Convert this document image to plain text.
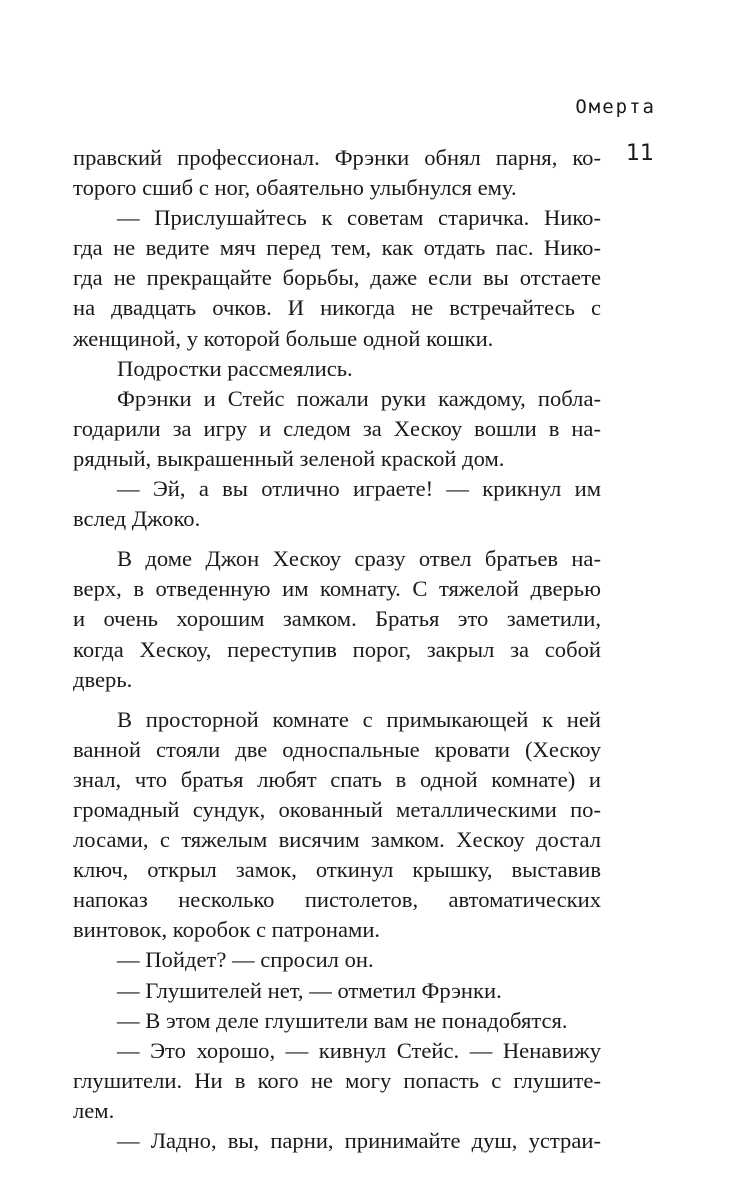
Омерта
11
правский профессионал. Фрэнки обнял парня, ко-
торого сшиб с ног, обаятельно улыбнулся ему.
— Прислушайтесь к советам старичка. Нико-
гда не ведите мяч перед тем, как отдать пас. Нико-
гда не прекращайте борьбы, даже если вы отстаете
на двадцать очков. И никогда не встречайтесь с
женщиной, у которой больше одной кошки.
Подростки рассмеялись.
Фрэнки и Стейс пожали руки каждому, побла-
годарили за игру и следом за Хескоу вошли в на-
рядный, выкрашенный зеленой краской дом.
— Эй, а вы отлично играете! — крикнул им
вслед Джоко.
В доме Джон Хескоу сразу отвел братьев на-
верх, в отведенную им комнату. С тяжелой дверью
и очень хорошим замком. Братья это заметили,
когда Хескоу, переступив порог, закрыл за собой
дверь.
В просторной комнате с примыкающей к ней
ванной стояли две односпальные кровати (Хескоу
знал, что братья любят спать в одной комнате) и
громадный сундук, окованный металлическими по-
лосами, с тяжелым висячим замком. Хескоу достал
ключ, открыл замок, откинул крышку, выставив
напоказ несколько пистолетов, автоматических
винтовок, коробок с патронами.
— Пойдет? — спросил он.
— Глушителей нет, — отметил Фрэнки.
— В этом деле глушители вам не понадобятся.
— Это хорошо, — кивнул Стейс. — Ненавижу
глушители. Ни в кого не могу попасть с глушите-
лем.
— Ладно, вы, парни, принимайте душ, устраи-
